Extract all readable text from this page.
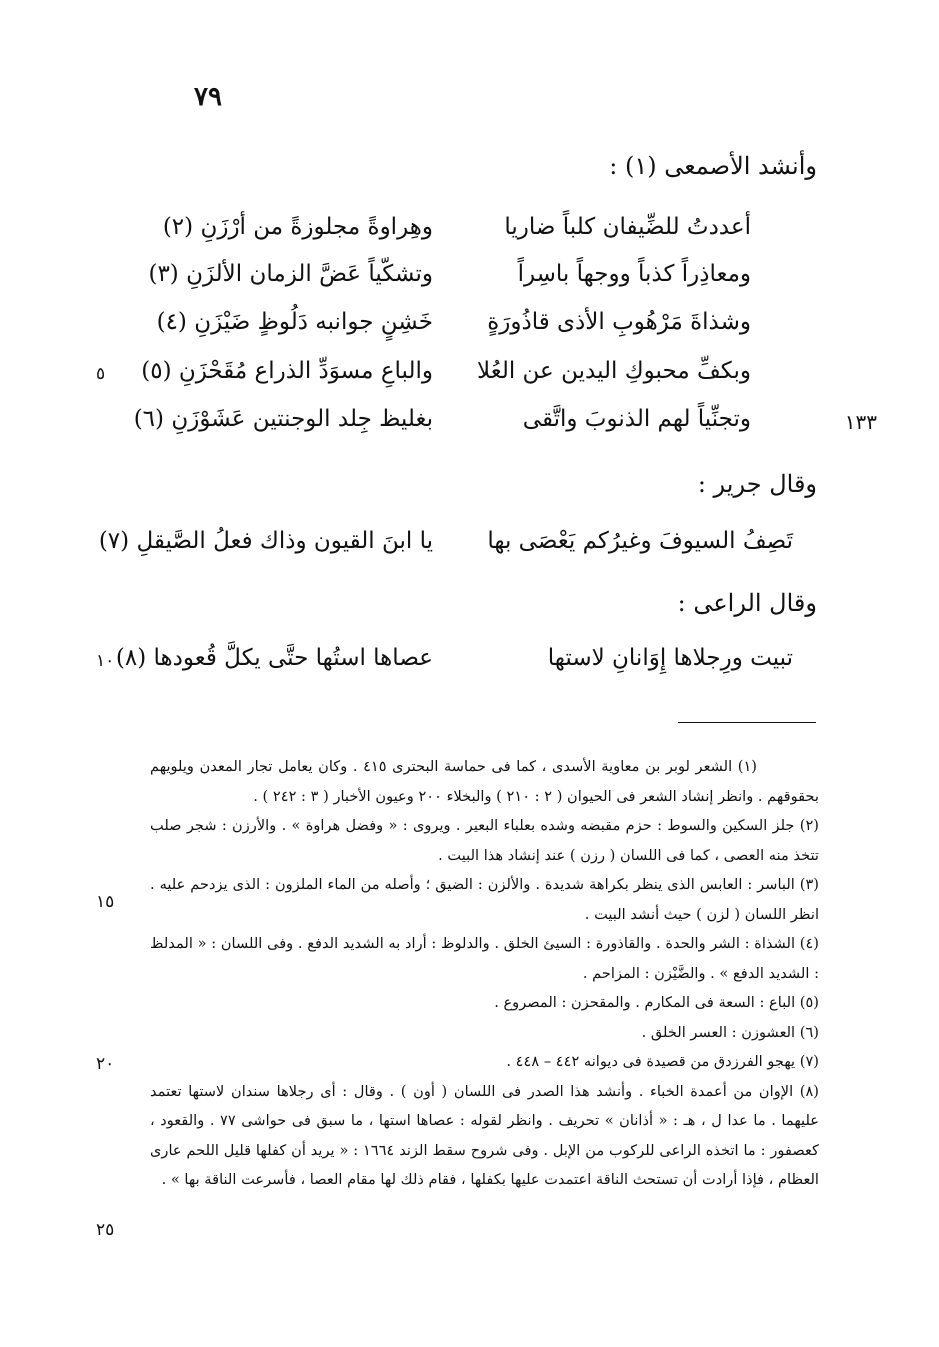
٧٩
وأنشد الأصمعى (١) :
أعددتُ للضِّيفان كلباً ضاريا
وهِراوةً مجلوزةً من أرْزَنِ (٢)
ومعاذِراً كذباً ووجهاً باسِراً
وتشكّياً عَضَّ الزمان الألزَنِ (٣)
وشذاةَ مَرْهُوبِ الأذى قاذُورَةٍ
خَشِنٍ جوانبه دَلُوظٍ ضَيْزَنِ (٤)
وبكفِّ محبوكِ اليدين عن العُلا
والباعِ مسوَدِّ الذراع مُقَحْزَنِ (٥)
وتجنِّياً لهم الذنوبَ واتَّقى
بغليظ جِلد الوجنتين عَشَوْزَنِ (٦)
وقال جرير :
تَصِفُ السيوفَ وغيرُكم يَعْصَى بها
يا ابنَ القيون وذاك فعلُ الصَّيقلِ (٧)
وقال الراعى :
تبيت ورِجلاها إِوَانانِ لاستها
عصاها استُها حتَّى يكلَّ قُعودها (٨)
٥
١٠
١٥
٢٠
٢٥
١٣٣

(١) الشعر لوبر بن معاوية الأسدى ، كما فى حماسة البحترى ٤١٥ . وكان يعامل تجار المعدن ويلويهم بحقوقهم . وانظر إنشاد الشعر فى الحيوان ( ٢ : ٢١٠ ) والبخلاء ٢٠٠ وعيون الأخبار ( ٣ : ٢٤٢ ) .

(٢) جلز السكين والسوط : حزم مقبضه وشده بعلباء البعير . ويروى : « وفضل هراوة » . والأرزن : شجر صلب تتخذ منه العصى ، كما فى اللسان ( رزن ) عند إنشاد هذا البيت .

(٣) الباسر : العابس الذى ينظر بكراهة شديدة . والألزن : الضيق ؛ وأصله من الماء الملزون : الذى يزدحم عليه . انظر اللسان ( لزن ) حيث أنشد البيت .

(٤) الشذاة : الشر والحدة . والقاذورة : السيئ الخلق . والدلوظ : أراد به الشديد الدفع . وفى اللسان : « المدلظ : الشديد الدفع » . والضَّيْزن : المزاحم .

(٥) الباع : السعة فى المكارم . والمقحزن : المصروع .

(٦) العشوزن : العسر الخلق .

(٧) يهجو الفرزدق من قصيدة فى ديوانه ٤٤٢ – ٤٤٨ .

(٨) الإوان من أعمدة الخباء . وأنشد هذا الصدر فى اللسان ( أون ) . وقال : أى رجلاها سندان لاستها تعتمد عليهما . ما عدا ل ، هـ : « أذانان » تحريف . وانظر لقوله : عصاها استها ، ما سبق فى حواشى ٧٧ . والقعود ، كعصفور : ما اتخذه الراعى للركوب من الإبل . وفى شروح سقط الزند ١٦٦٤ : « يريد أن كفلها قليل اللحم عارى العظام ، فإذا أرادت أن تستحث الناقة اعتمدت عليها بكفلها ، فقام ذلك لها مقام العصا ، فأسرعت الناقة بها » .
